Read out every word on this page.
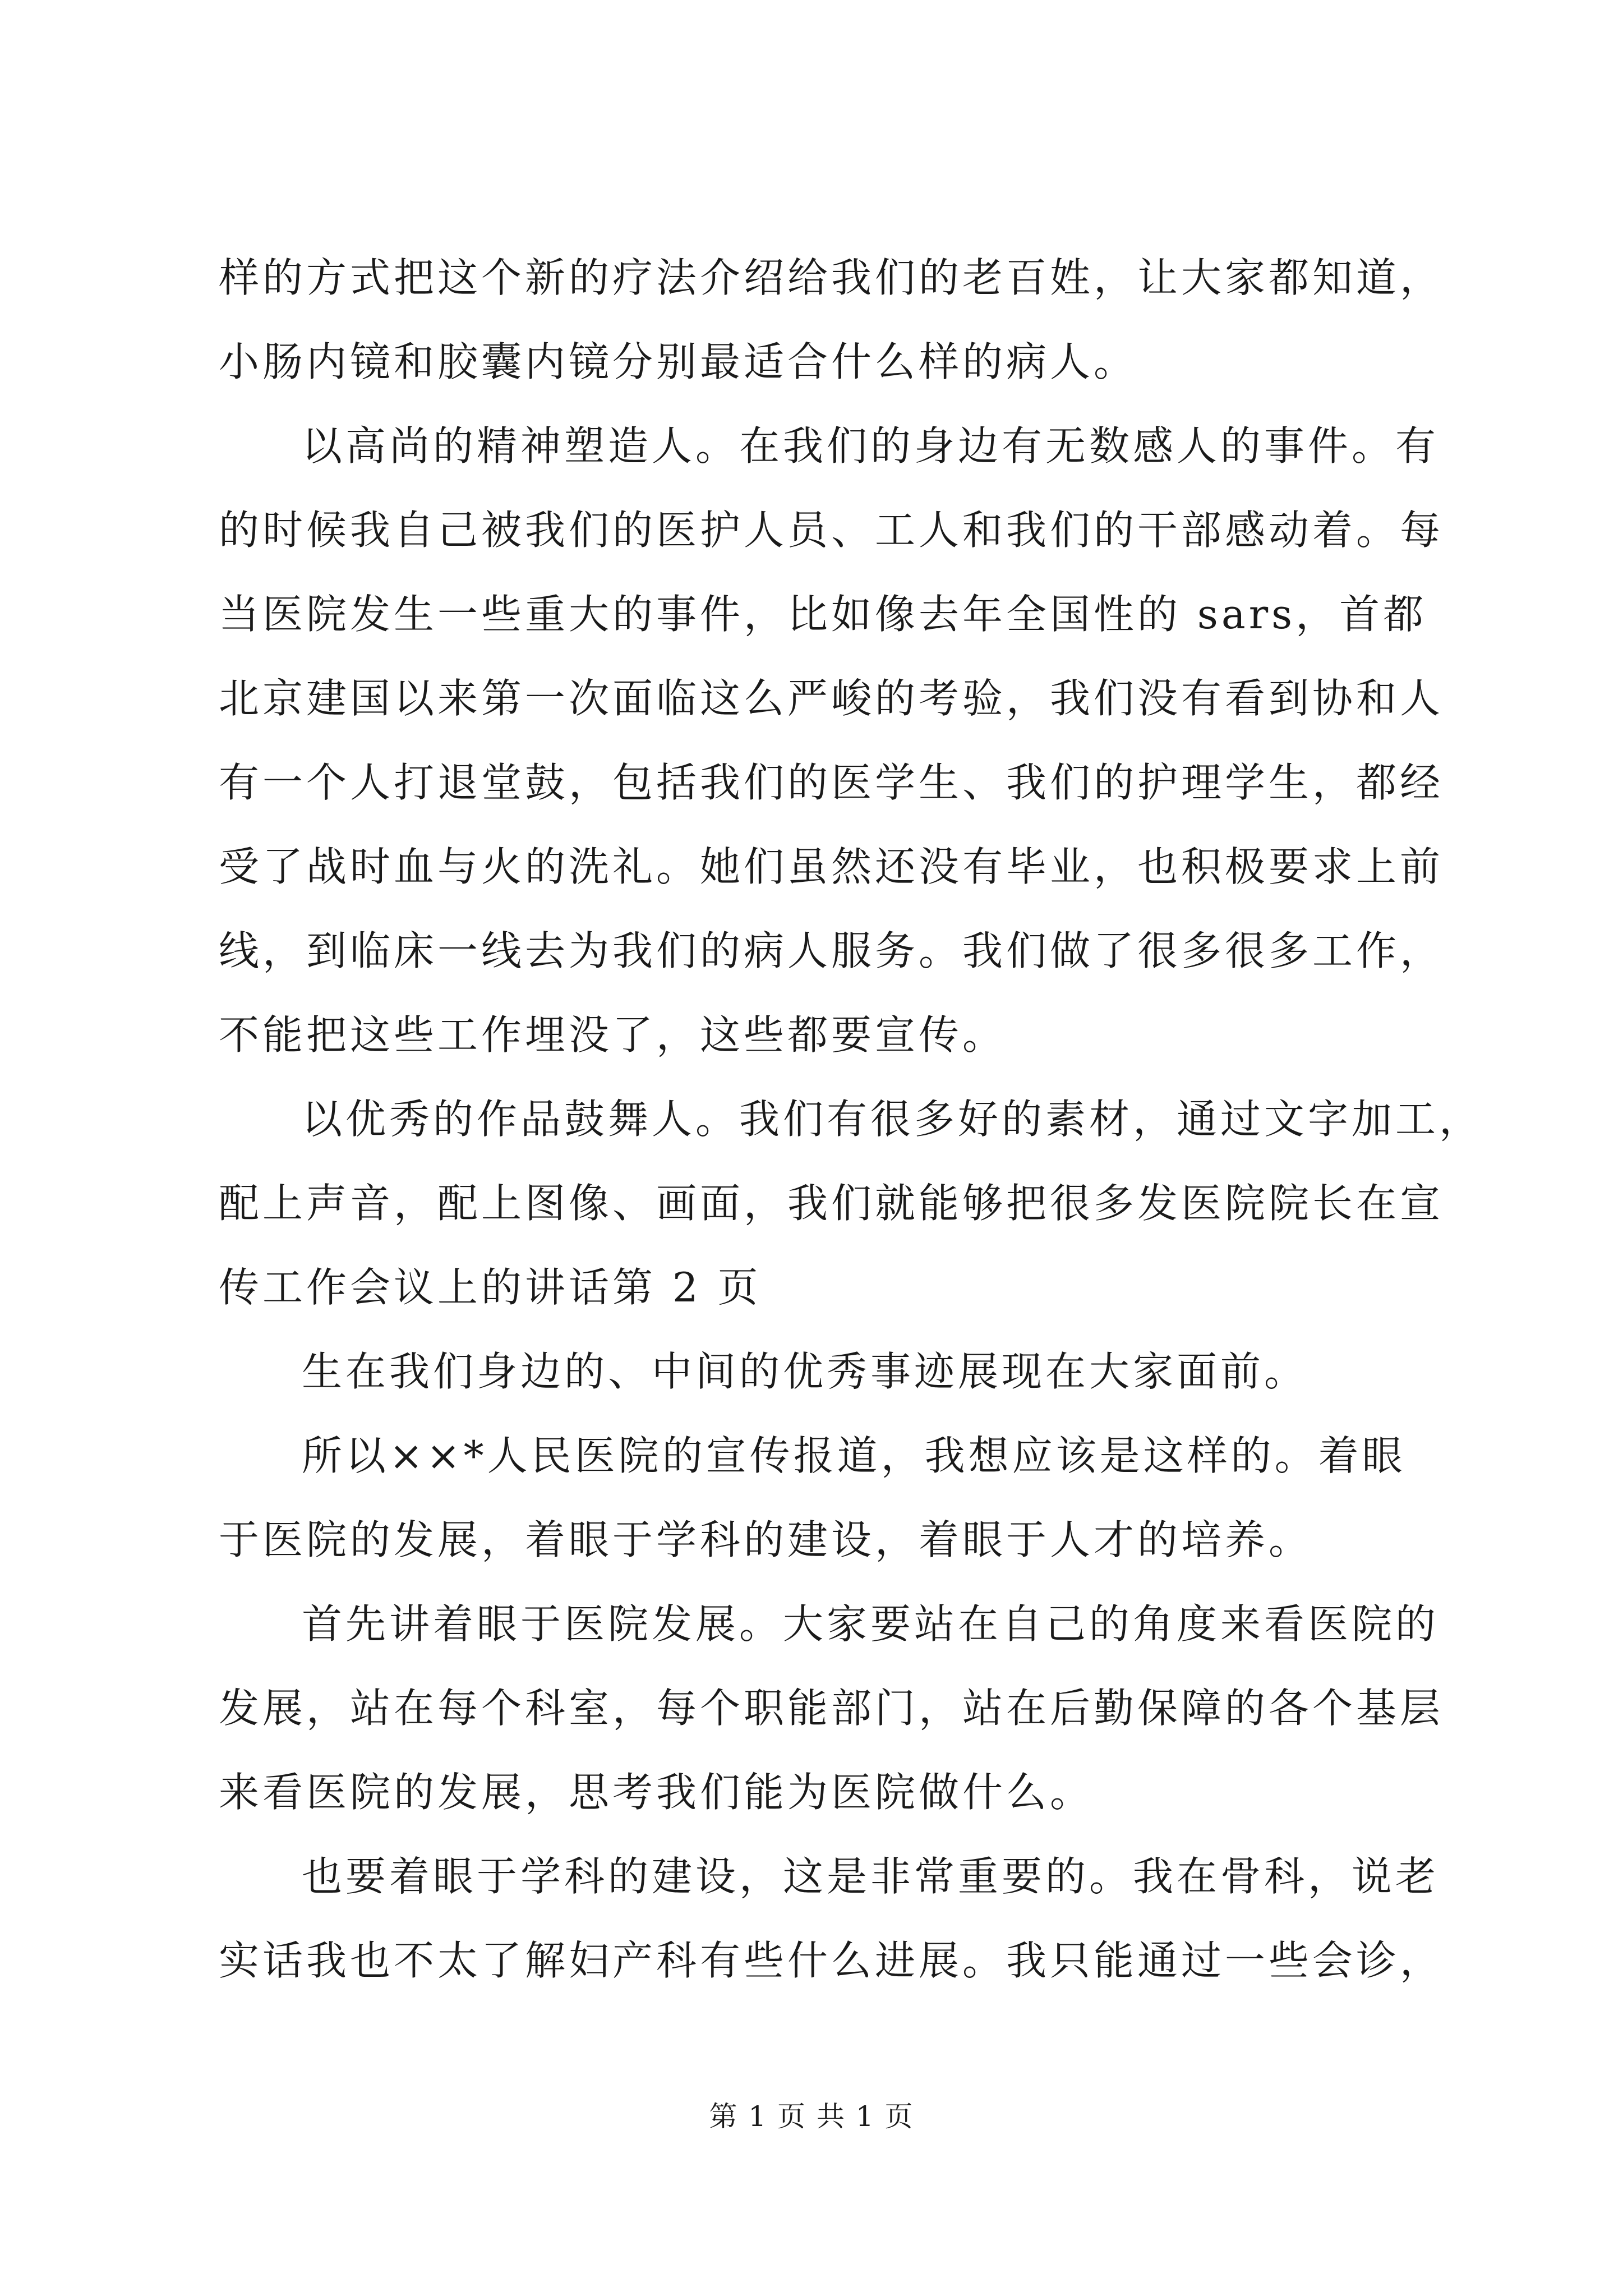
样的方式把这个新的疗法介绍给我们的老百姓，让大家都知道，
小肠内镜和胶囊内镜分别最适合什么样的病人。
以高尚的精神塑造人。在我们的身边有无数感人的事件。有
的时候我自己被我们的医护人员、工人和我们的干部感动着。每
当医院发生一些重大的事件，比如像去年全国性的 sars，首都
北京建国以来第一次面临这么严峻的考验，我们没有看到协和人
有一个人打退堂鼓，包括我们的医学生、我们的护理学生，都经
受了战时血与火的洗礼。她们虽然还没有毕业，也积极要求上前
线，到临床一线去为我们的病人服务。我们做了很多很多工作，
不能把这些工作埋没了，这些都要宣传。
以优秀的作品鼓舞人。我们有很多好的素材，通过文字加工，
配上声音，配上图像、画面，我们就能够把很多发医院院长在宣
传工作会议上的讲话第 2 页
生在我们身边的、中间的优秀事迹展现在大家面前。
所以××*人民医院的宣传报道，我想应该是这样的。着眼
于医院的发展，着眼于学科的建设，着眼于人才的培养。
首先讲着眼于医院发展。大家要站在自己的角度来看医院的
发展，站在每个科室，每个职能部门，站在后勤保障的各个基层
来看医院的发展，思考我们能为医院做什么。
也要着眼于学科的建设，这是非常重要的。我在骨科，说老
实话我也不太了解妇产科有些什么进展。我只能通过一些会诊，
第 1 页 共 1 页
